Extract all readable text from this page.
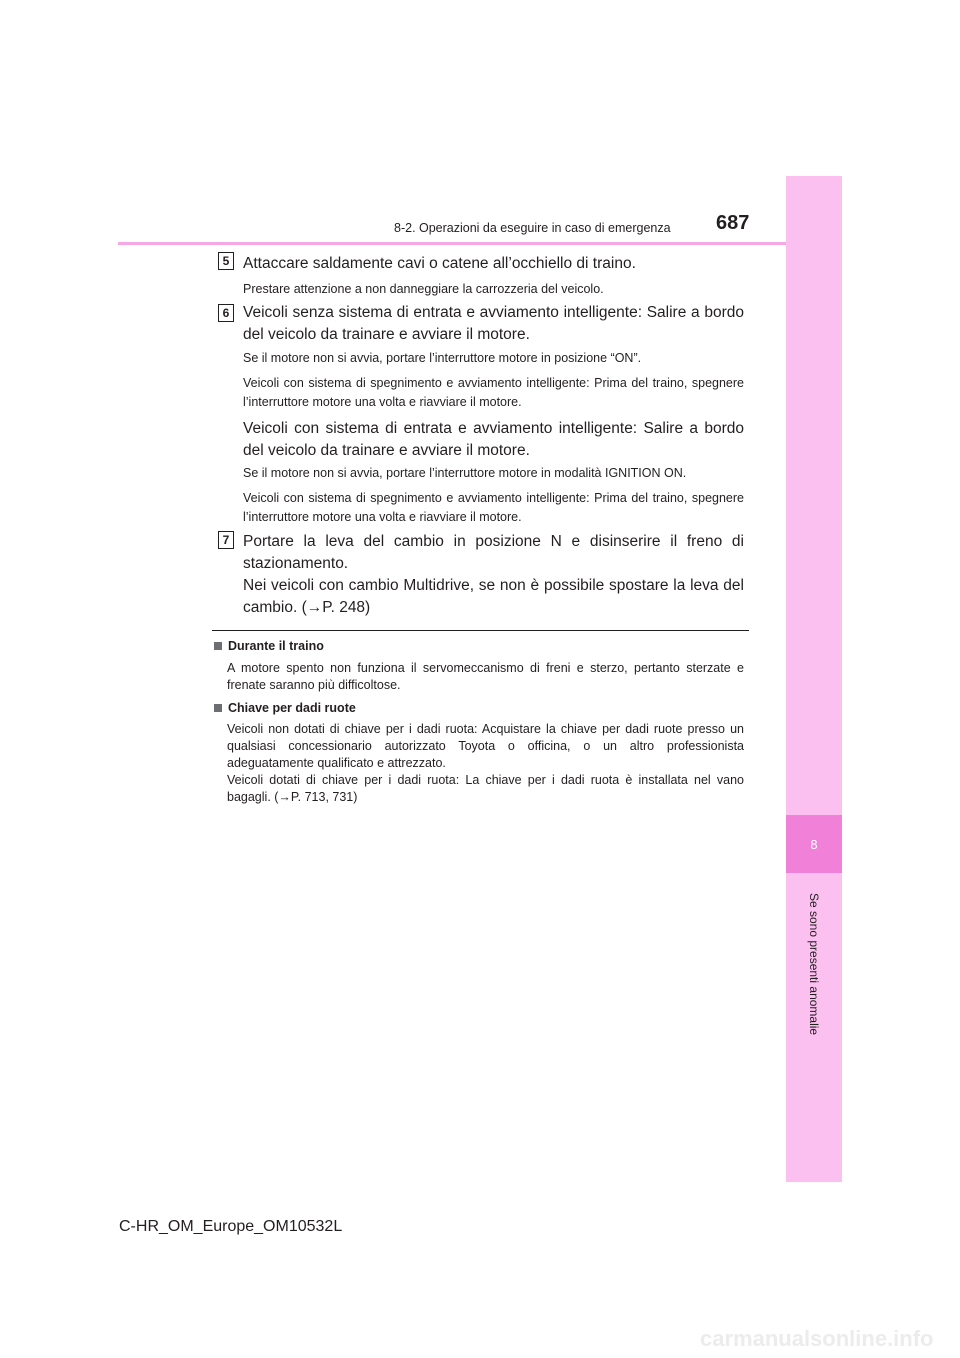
8
Se sono presenti anomalie
8-2. Operazioni da eseguire in caso di emergenza 687
5 Attaccare saldamente cavi o catene all’occhiello di traino.
Prestare attenzione a non danneggiare la carrozzeria del veicolo.
6 Veicoli senza sistema di entrata e avviamento intelligente: Salire a bordo del veicolo da trainare e avviare il motore.
Se il motore non si avvia, portare l’interruttore motore in posizione “ON”.
Veicoli con sistema di spegnimento e avviamento intelligente: Prima del traino, spegnere l’interruttore motore una volta e riavviare il motore.
Veicoli con sistema di entrata e avviamento intelligente: Salire a bordo del veicolo da trainare e avviare il motore.
Se il motore non si avvia, portare l’interruttore motore in modalità IGNITION ON.
Veicoli con sistema di spegnimento e avviamento intelligente: Prima del traino, spegnere l’interruttore motore una volta e riavviare il motore.
7 Portare la leva del cambio in posizione N e disinserire il freno di stazionamento.
Nei veicoli con cambio Multidrive, se non è possibile spostare la leva del cambio. (→P. 248)
Durante il traino
A motore spento non funziona il servomeccanismo di freni e sterzo, pertanto sterzate e frenate saranno più difficoltose.
Chiave per dadi ruote
Veicoli non dotati di chiave per i dadi ruota: Acquistare la chiave per dadi ruote presso un qualsiasi concessionario autorizzato Toyota o officina, o un altro professionista adeguatamente qualificato e attrezzato.
Veicoli dotati di chiave per i dadi ruota: La chiave per i dadi ruota è installata nel vano bagagli. (→P. 713, 731)
C-HR_OM_Europe_OM10532L
carmanualsonline.info
